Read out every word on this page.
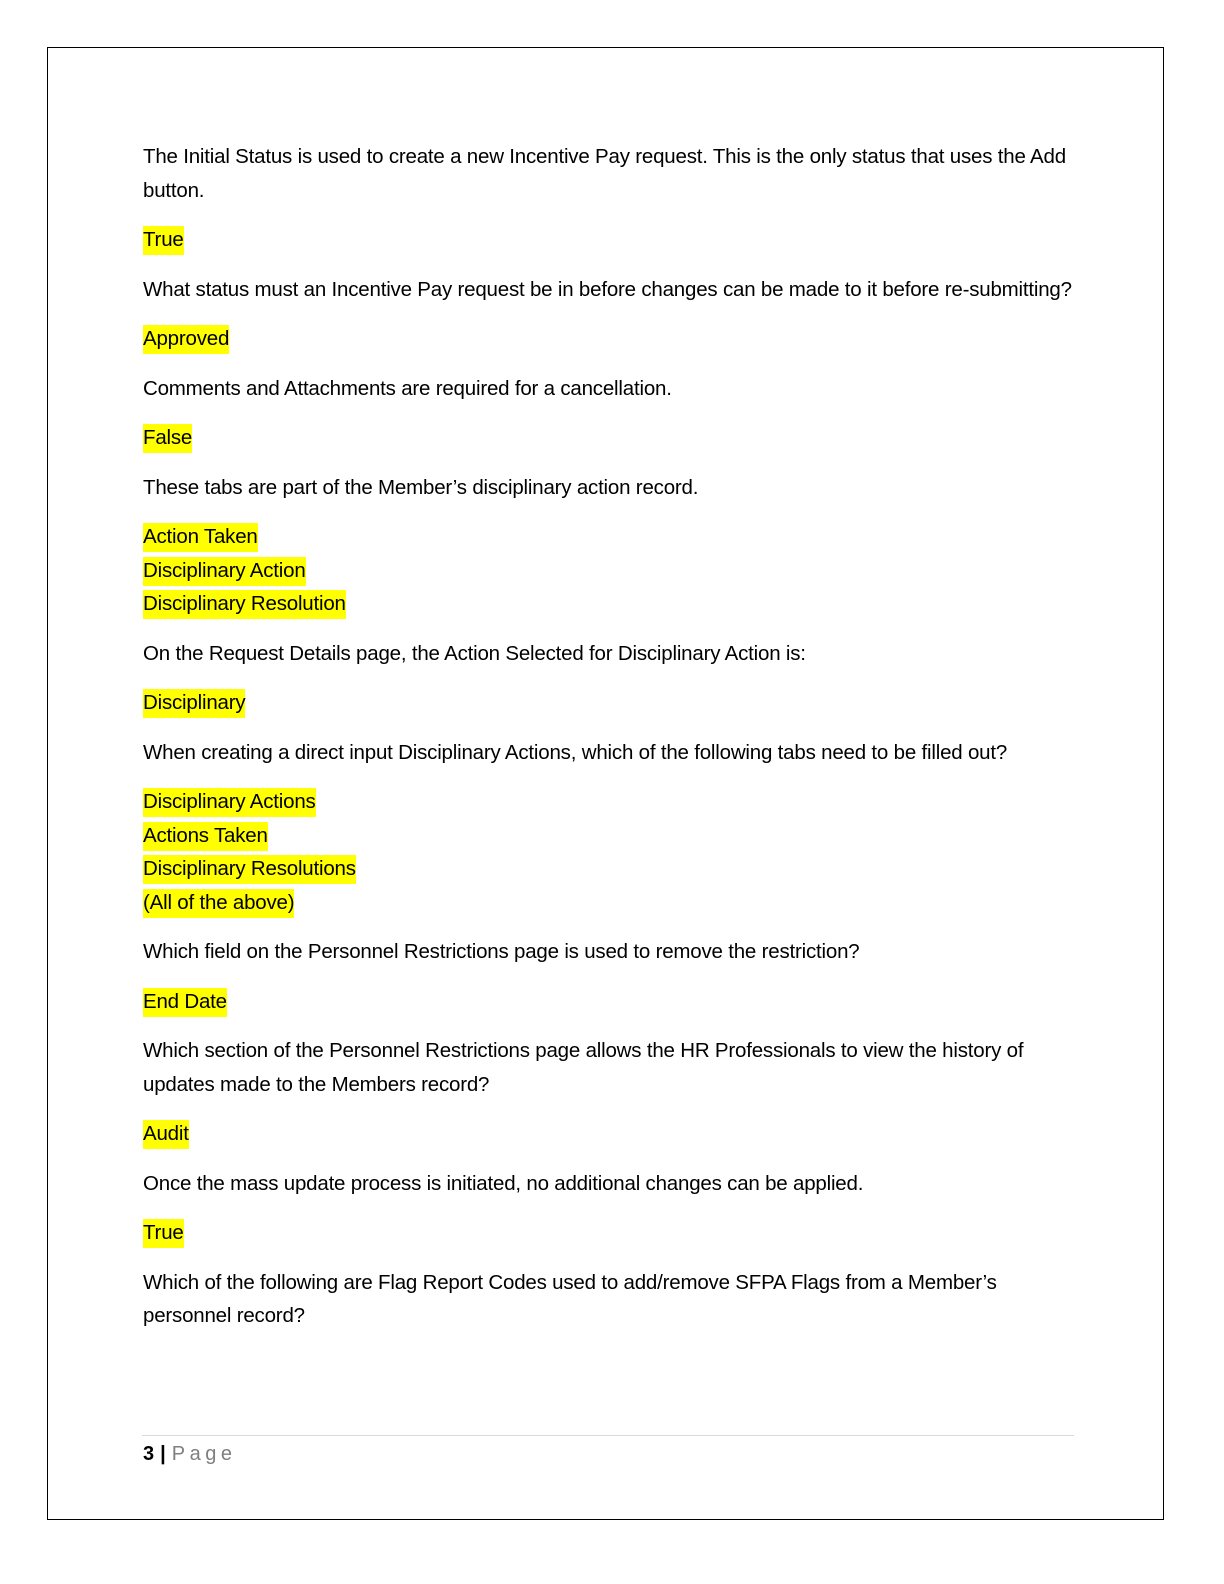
The Initial Status is used to create a new Incentive Pay request. This is the only status that uses the Add button.

True

What status must an Incentive Pay request be in before changes can be made to it before re-submitting?

Approved

Comments and Attachments are required for a cancellation.

False

These tabs are part of the Member’s disciplinary action record.

Action Taken
Disciplinary Action
Disciplinary Resolution

On the Request Details page, the Action Selected for Disciplinary Action is:

Disciplinary

When creating a direct input Disciplinary Actions, which of the following tabs need to be filled out?

Disciplinary Actions
Actions Taken
Disciplinary Resolutions
(All of the above)

Which field on the Personnel Restrictions page is used to remove the restriction?

End Date

Which section of the Personnel Restrictions page allows the HR Professionals to view the history of updates made to the Members record?

Audit

Once the mass update process is initiated, no additional changes can be applied.

True

Which of the following are Flag Report Codes used to add/remove SFPA Flags from a Member’s personnel record?

3 | Page
